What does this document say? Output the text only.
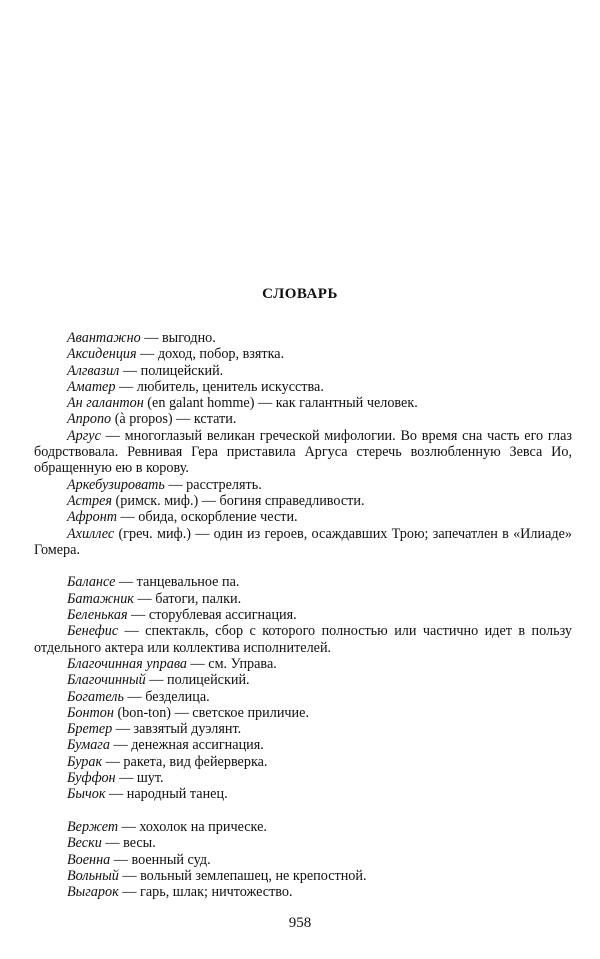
СЛОВАРЬ
Авантажно — выгодно.
Аксиденция — доход, побор, взятка.
Алгвазил — полицейский.
Аматер — любитель, ценитель искусства.
Ан галантон (en galant homme) — как галантный человек.
Апропо (à propos) — кстати.
Аргус — многоглазый великан греческой мифологии. Во время сна часть его глаз бодрствовала. Ревнивая Гера приставила Аргуса стеречь возлюбленную Зевса Ио, обращенную ею в корову.
Аркебузировать — расстрелять.
Астрея (римск. миф.) — богиня справедливости.
Афронт — обида, оскорбление чести.
Ахиллес (греч. миф.) — один из героев, осаждавших Трою; запечатлен в «Илиаде» Гомера.
Балансе — танцевальное па.
Батажник — батоги, палки.
Беленькая — сторублевая ассигнация.
Бенефис — спектакль, сбор с которого полностью или частично идет в пользу отдельного актера или коллектива исполнителей.
Благочинная управа — см. Управа.
Благочинный — полицейский.
Богатель — безделица.
Бонтон (bon-ton) — светское приличие.
Бретер — завзятый дуэлянт.
Бумага — денежная ассигнация.
Бурак — ракета, вид фейерверка.
Буффон — шут.
Бычок — народный танец.
Вержет — хохолок на прическе.
Вески — весы.
Военна — военный суд.
Вольный — вольный землепашец, не крепостной.
Выгарок — гарь, шлак; ничтожество.
958
